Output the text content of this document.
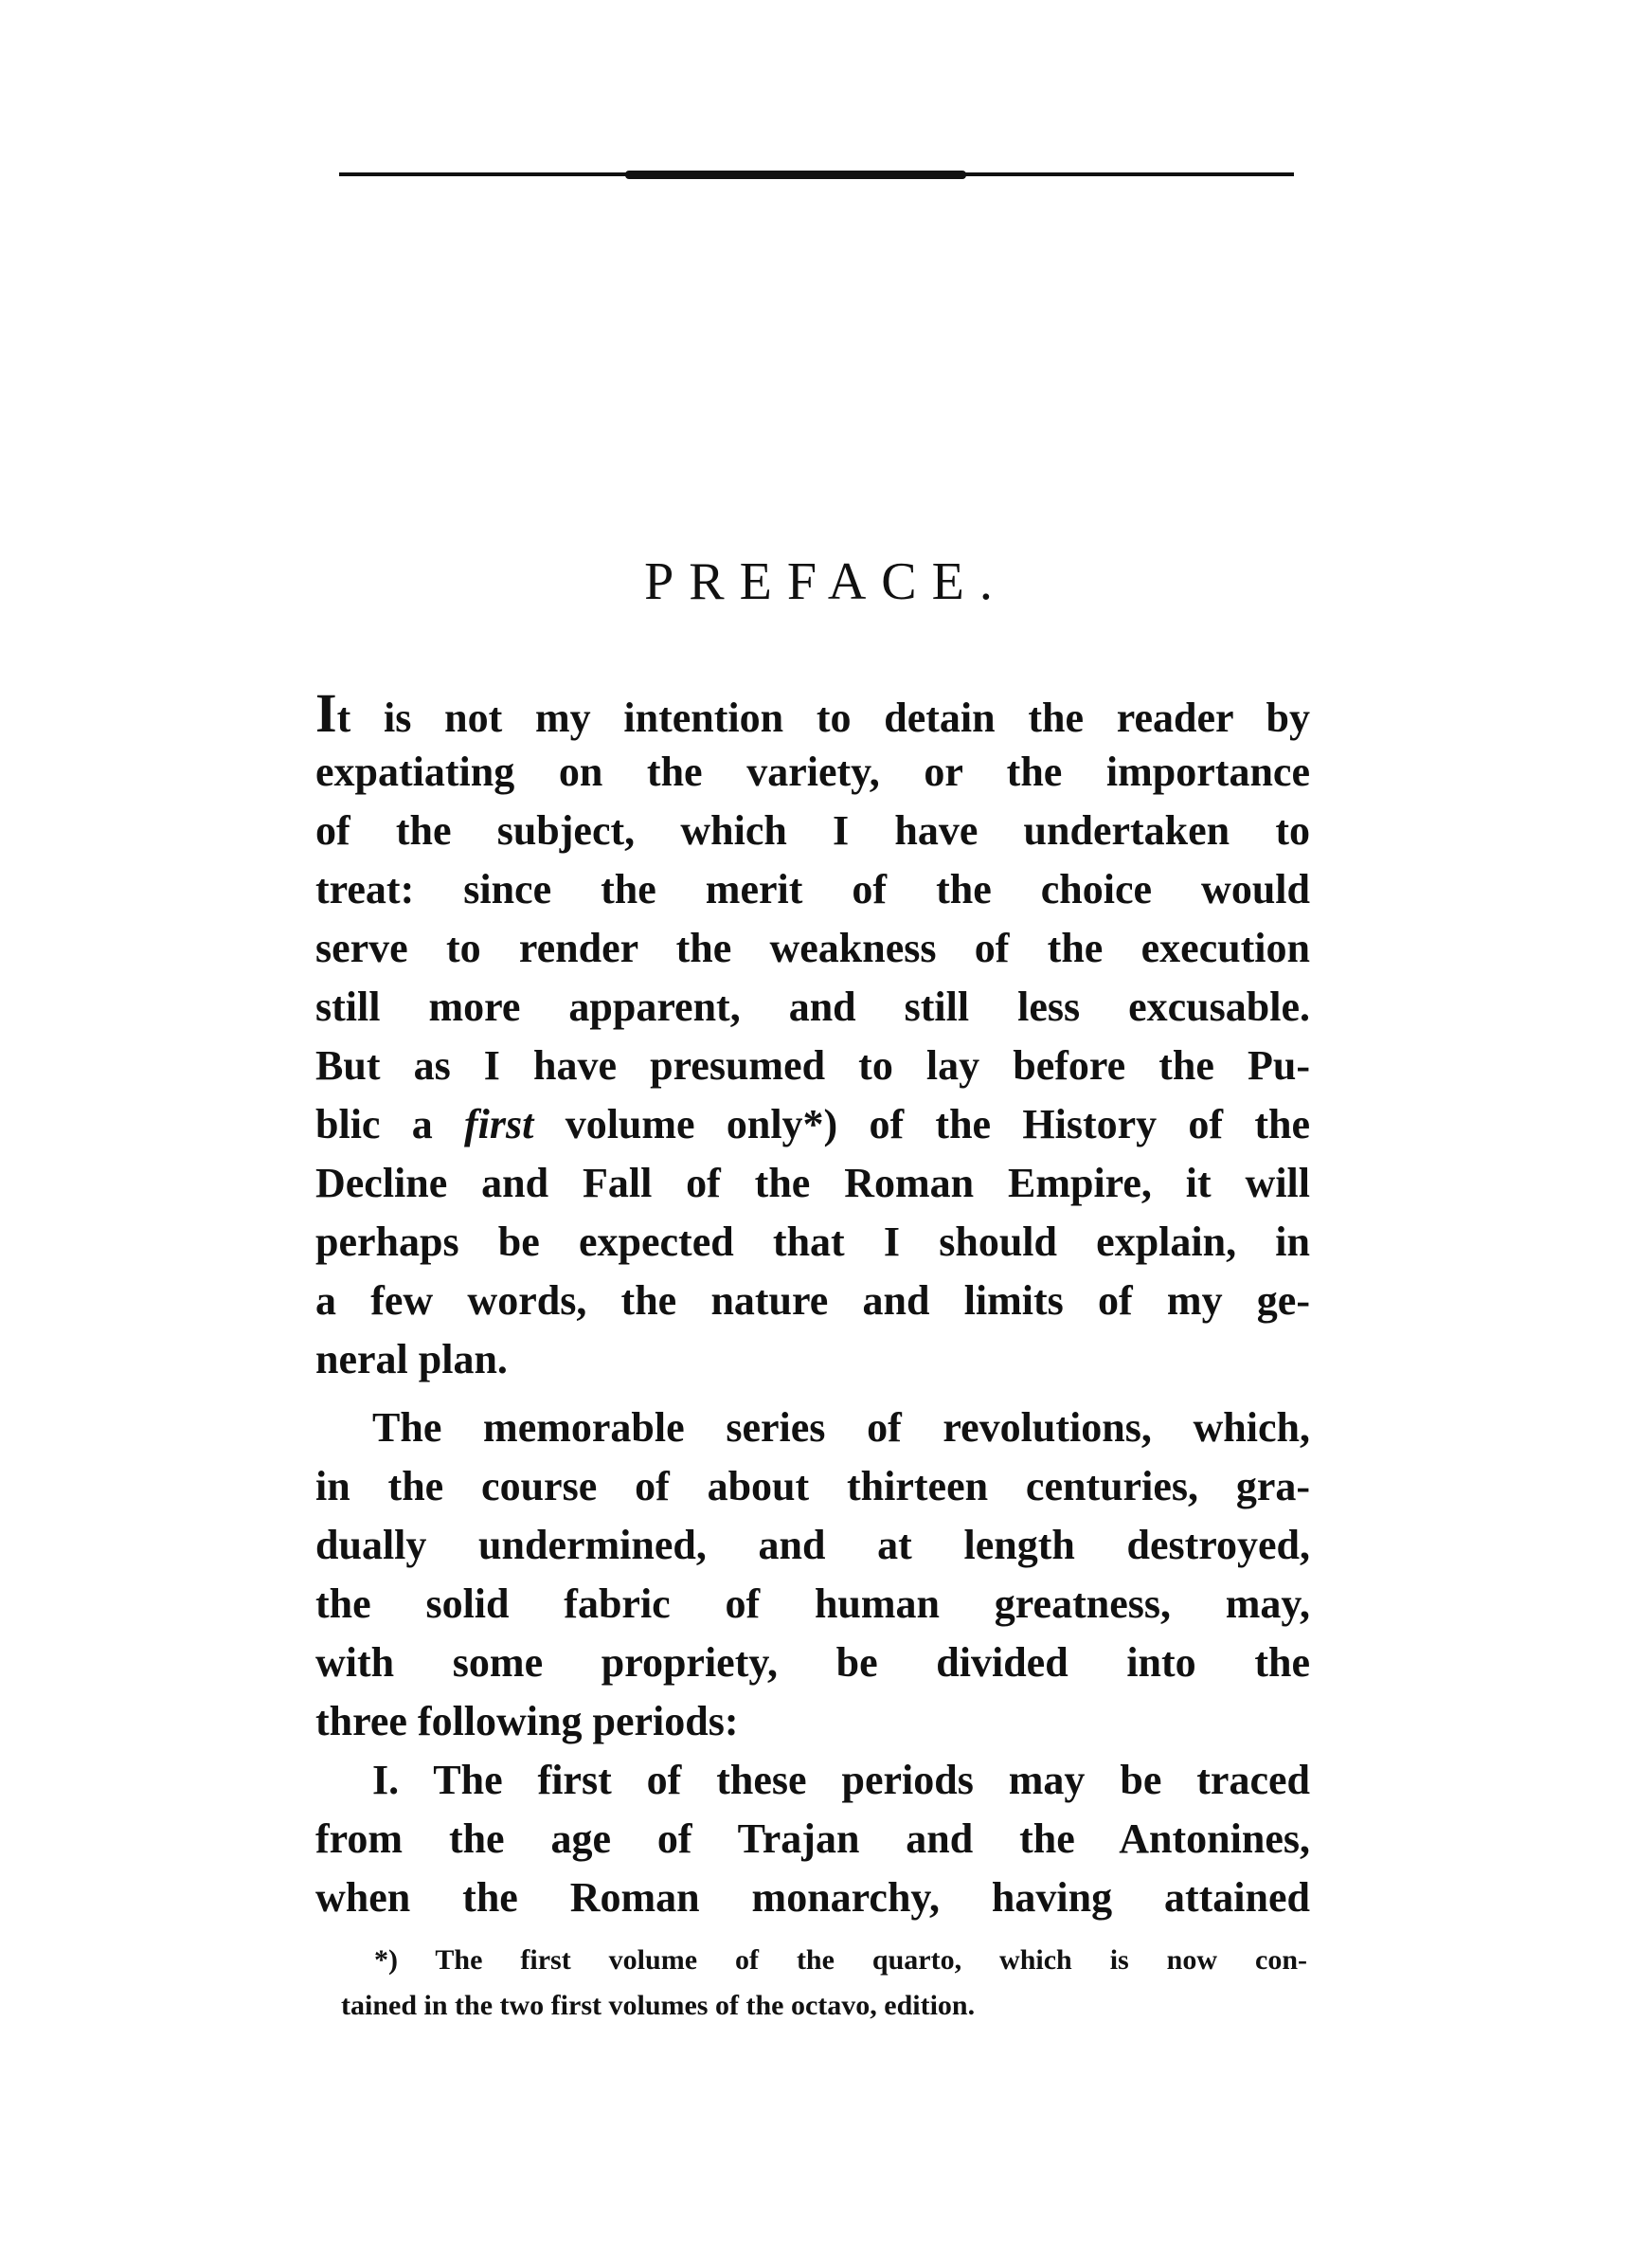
PREFACE.
It is not my intention to detain the reader by
expatiating on the variety, or the importance
of the subject, which I have undertaken to
treat: since the merit of the choice would
serve to render the weakness of the execution
still more apparent, and still less excusable.
But as I have presumed to lay before the Pu-
blic a first volume only*) of the History of the
Decline and Fall of the Roman Empire, it will
perhaps be expected that I should explain, in
a few words, the nature and limits of my ge-
neral plan.
The memorable series of revolutions, which,
in the course of about thirteen centuries, gra-
dually undermined, and at length destroyed,
the solid fabric of human greatness, may,
with some propriety, be divided into the
three following periods:
I. The first of these periods may be traced
from the age of Trajan and the Antonines,
when the Roman monarchy, having attained
*) The first volume of the quarto, which is now con-
tained in the two first volumes of the octavo, edition.
